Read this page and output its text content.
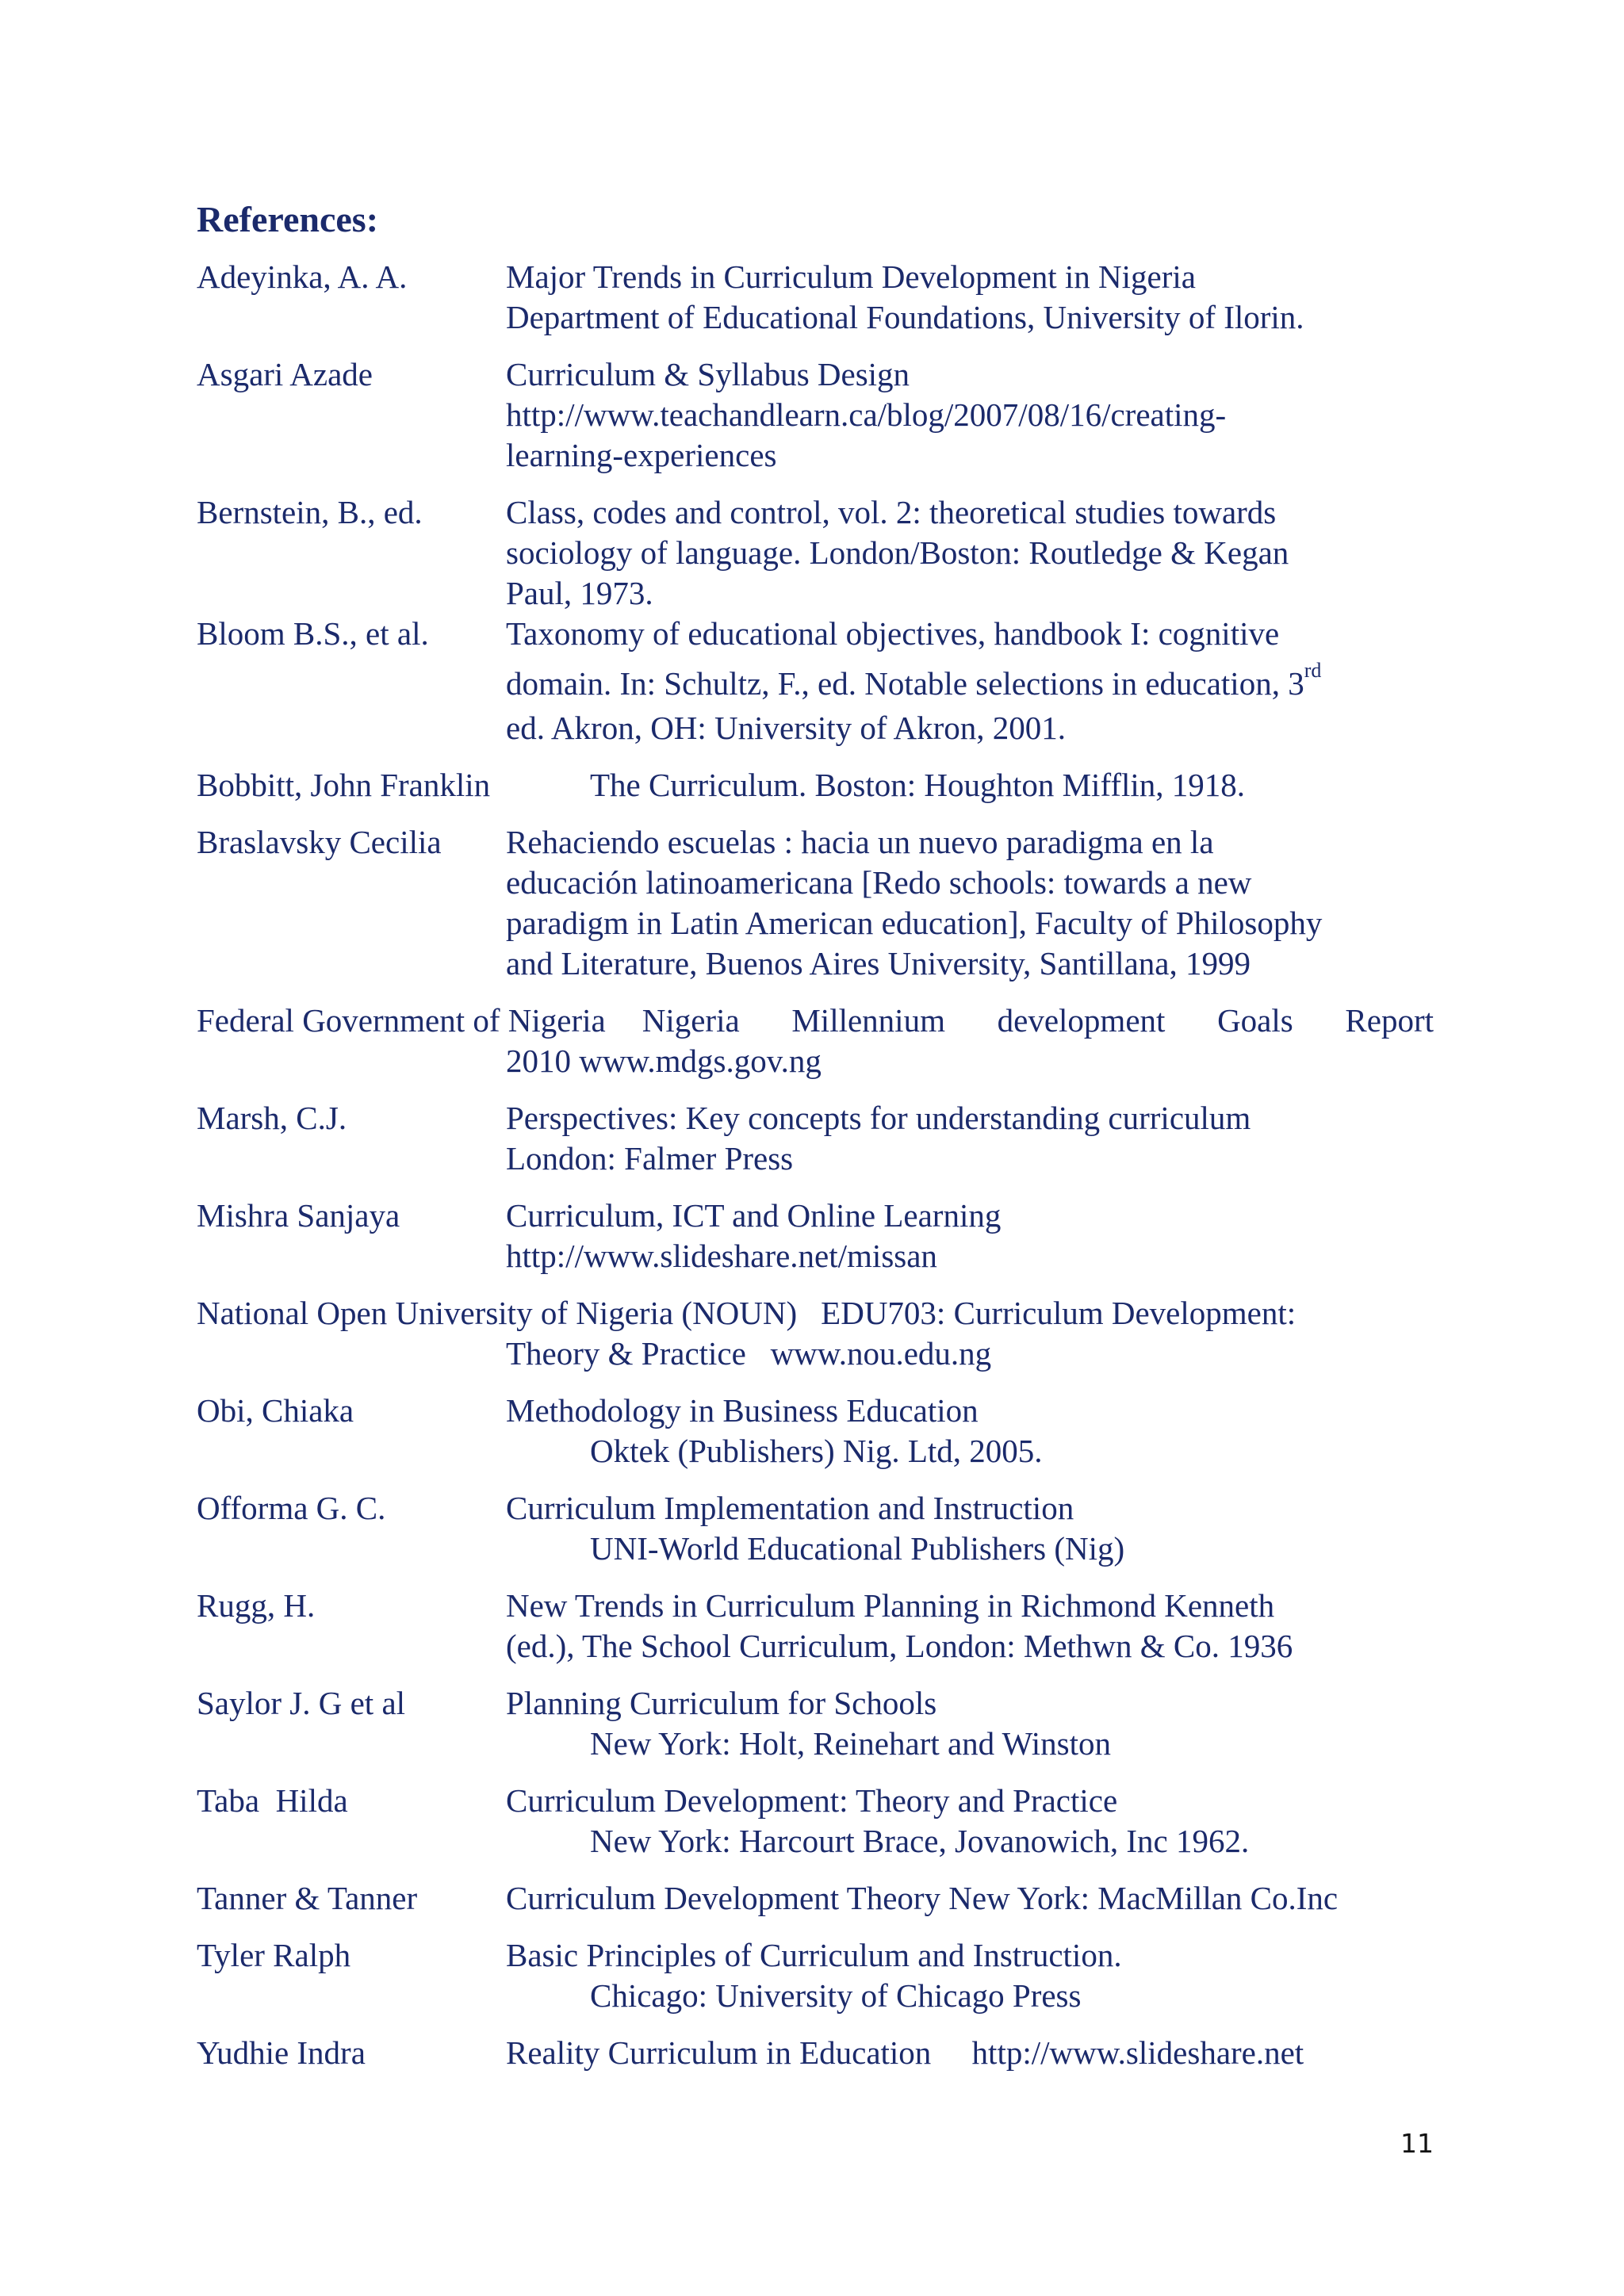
References:
Adeyinka, A. A.	Major Trends in Curriculum Development in Nigeria
Department of Educational Foundations, University of Ilorin.
Asgari Azade	Curriculum & Syllabus Design
http://www.teachandlearn.ca/blog/2007/08/16/creating-
learning-experiences
Bernstein, B., ed.	Class, codes and control, vol. 2: theoretical studies towards
sociology of language. London/Boston: Routledge & Kegan
Paul, 1973.
Bloom B.S., et al.	Taxonomy of educational objectives, handbook I: cognitive
domain. In: Schultz, F., ed. Notable selections in education, 3rd
ed. Akron, OH: University of Akron, 2001.
Bobbitt, John Franklin	The Curriculum. Boston: Houghton Mifflin, 1918.
Braslavsky Cecilia	Rehaciendo escuelas : hacia un nuevo paradigma en la
educación latinoamericana [Redo schools: towards a new
paradigm in Latin American education], Faculty of Philosophy
and Literature, Buenos Aires University, Santillana, 1999
Federal Government of Nigeria	Nigeria Millennium development Goals Report
2010 www.mdgs.gov.ng
Marsh, C.J.	Perspectives: Key concepts for understanding curriculum
London: Falmer Press
Mishra Sanjaya	Curriculum, ICT and Online Learning
http://www.slideshare.net/missan
National Open University of Nigeria (NOUN) EDU703: Curriculum Development:
Theory & Practice   www.nou.edu.ng
Obi, Chiaka	Methodology in Business Education
Oktek (Publishers) Nig. Ltd, 2005.
Offorma G. C.	Curriculum Implementation and Instruction
UNI-World Educational Publishers (Nig)
Rugg, H.	New Trends in Curriculum Planning in Richmond Kenneth
(ed.), The School Curriculum, London: Methwn & Co. 1936
Saylor J. G et al	Planning Curriculum for Schools
New York: Holt, Reinehart and Winston
Taba  Hilda	Curriculum Development: Theory and Practice
New York: Harcourt Brace, Jovanowich, Inc 1962.
Tanner & Tanner	Curriculum Development Theory New York: MacMillan Co.Inc
Tyler Ralph	Basic Principles of Curriculum and Instruction.
Chicago: University of Chicago Press
Yudhie Indra	Reality Curriculum in Education     http://www.slideshare.net
11
